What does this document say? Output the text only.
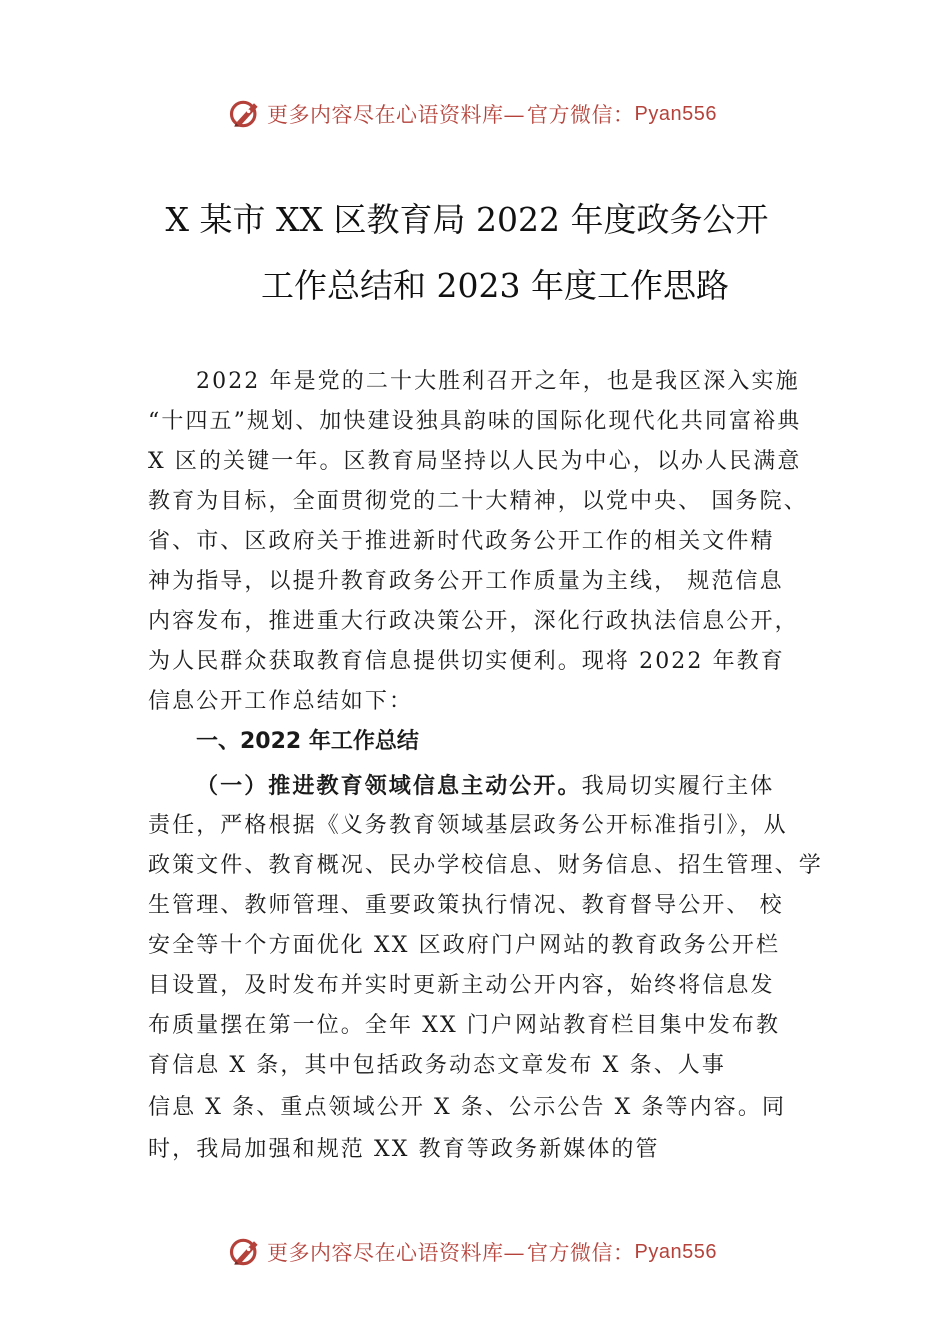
更多内容尽在心语资料库— 官方微信： Pyan556
X 某市 XX 区教育局 2022 年度政务公开
工作总结和 2023 年度工作思路
2022 年是党的二十大胜利召开之年，也是我区深入实施
“十四五”规划、加快建设独具韵味的国际化现代化共同富裕典
X 区的关键一年。区教育局坚持以人民为中心，以办人民满意
教育为目标，全面贯彻党的二十大精神，以党中央、 国务院、
省、市、区政府关于推进新时代政务公开工作的相关文件精
神为指导，以提升教育政务公开工作质量为主线， 规范信息
内容发布，推进重大行政决策公开，深化行政执法信息公开，
为人民群众获取教育信息提供切实便利。现将 2022 年教育
信息公开工作总结如下：
一、2022 年工作总结
（一）推进教育领域信息主动公开。我局切实履行主体
责任，严格根据《义务教育领域基层政务公开标准指引》，从
政策文件、教育概况、民办学校信息、财务信息、招生管理、学
生管理、教师管理、重要政策执行情况、教育督导公开、 校
安全等十个方面优化 XX 区政府门户网站的教育政务公开栏
目设置，及时发布并实时更新主动公开内容，始终将信息发
布质量摆在第一位。全年 XX 门户网站教育栏目集中发布教
育信息 X 条，其中包括政务动态文章发布 X 条、人事
信息 X 条、重点领域公开 X 条、公示公告 X 条等内容。同
时，我局加强和规范 XX 教育等政务新媒体的管
更多内容尽在心语资料库— 官方微信： Pyan556
